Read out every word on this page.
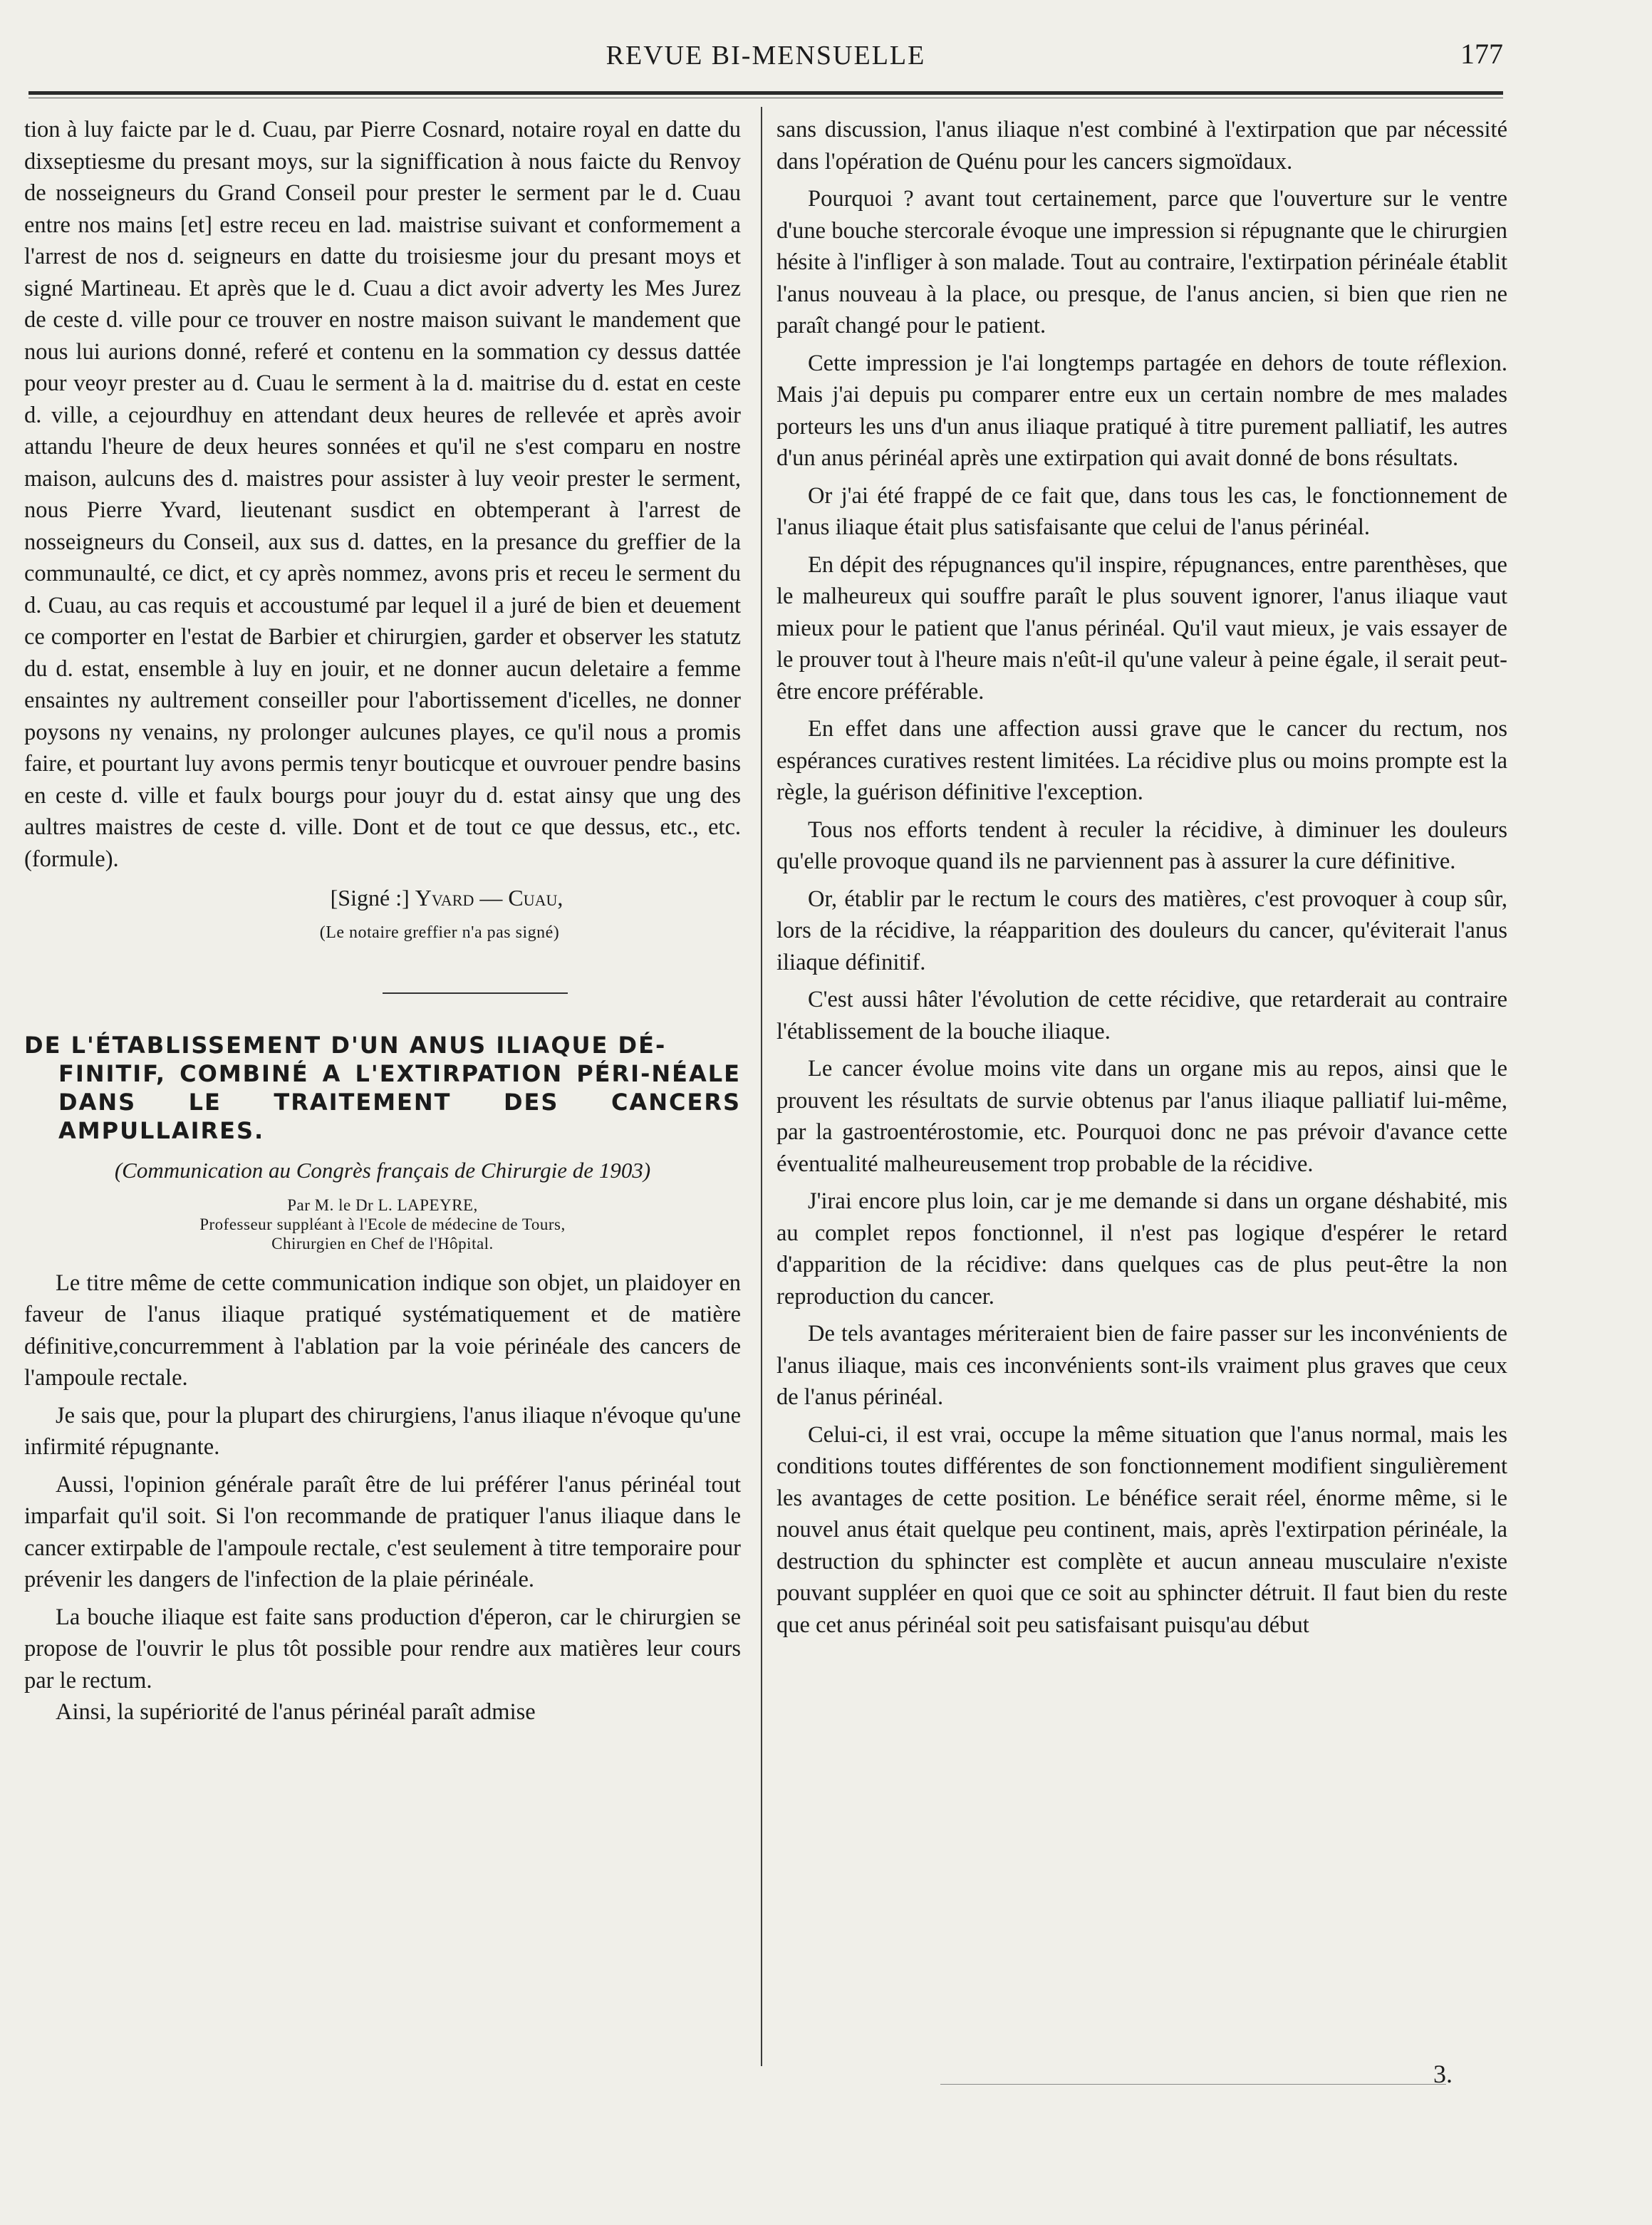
REVUE BI-MENSUELLE	177

tion à luy faicte par le d. Cuau, par Pierre Cosnard, notaire royal en datte du dixseptiesme du presant moys, sur la signiffication à nous faicte du Renvoy de nosseigneurs du Grand Conseil pour prester le serment par le d. Cuau entre nos mains [et] estre receu en lad. maistrise suivant et conformement a l'arrest de nos d. seigneurs en datte du troisiesme jour du presant moys et signé Martineau. Et après que le d. Cuau a dict avoir adverty les Mes Jurez de ceste d. ville pour ce trouver en nostre maison suivant le mandement que nous lui aurions donné, referé et contenu en la sommation cy dessus dattée pour veoyr prester au d. Cuau le serment à la d. maitrise du d. estat en ceste d. ville, a cejourdhuy en attendant deux heures de rellevée et après avoir attandu l'heure de deux heures sonnées et qu'il ne s'est comparu en nostre maison, aulcuns des d. maistres pour assister à luy veoir prester le serment, nous Pierre Yvard, lieutenant susdict en obtemperant à l'arrest de nosseigneurs du Conseil, aux sus d. dattes, en la presance du greffier de la communaulté, ce dict, et cy après nommez, avons pris et receu le serment du d. Cuau, au cas requis et accoustumé par lequel il a juré de bien et deuement ce comporter en l'estat de Barbier et chirurgien, garder et observer les statutz du d. estat, ensemble à luy en jouir, et ne donner aucun deletaire a femme ensaintes ny aultrement conseiller pour l'abortissement d'icelles, ne donner poysons ny venains, ny prolonger aulcunes playes, ce qu'il nous a promis faire, et pourtant luy avons permis tenyr bouticque et ouvrouer pendre basins en ceste d. ville et faulx bourgs pour jouyr du d. estat ainsy que ung des aultres maistres de ceste d. ville. Dont et de tout ce que dessus, etc., etc. (formule).

[Signé :] Yvard — Cuau,
(Le notaire greffier n'a pas signé)
DE L'ÉTABLISSEMENT D'UN ANUS ILIAQUE DÉ-
FINITIF, COMBINÉ A L'EXTIRPATION PÉRI-NÉALE DANS LE TRAITEMENT DES CANCERS AMPULLAIRES.
(Communication au Congrès français de Chirurgie de 1903)
Par M. le Dr L. LAPEYRE,
Professeur suppléant à l'Ecole de médecine de Tours,
Chirurgien en Chef de l'Hôpital.

Le titre même de cette communication indique son objet, un plaidoyer en faveur de l'anus iliaque pratiqué systématiquement et de matière définitive,concurremment à l'ablation par la voie périnéale des cancers de l'ampoule rectale.

Je sais que, pour la plupart des chirurgiens, l'anus iliaque n'évoque qu'une infirmité répugnante.

Aussi, l'opinion générale paraît être de lui préférer l'anus périnéal tout imparfait qu'il soit. Si l'on recommande de pratiquer l'anus iliaque dans le cancer extirpable de l'ampoule rectale, c'est seulement à titre temporaire pour prévenir les dangers de l'infection de la plaie périnéale.

La bouche iliaque est faite sans production d'éperon, car le chirurgien se propose de l'ouvrir le plus tôt possible pour rendre aux matières leur cours par le rectum.

Ainsi, la supériorité de l'anus périnéal paraît admise

sans discussion, l'anus iliaque n'est combiné à l'extirpation que par nécessité dans l'opération de Quénu pour les cancers sigmoïdaux.

Pourquoi ? avant tout certainement, parce que l'ouverture sur le ventre d'une bouche stercorale évoque une impression si répugnante que le chirurgien hésite à l'infliger à son malade. Tout au contraire, l'extirpation périnéale établit l'anus nouveau à la place, ou presque, de l'anus ancien, si bien que rien ne paraît changé pour le patient.

Cette impression je l'ai longtemps partagée en dehors de toute réflexion. Mais j'ai depuis pu comparer entre eux un certain nombre de mes malades porteurs les uns d'un anus iliaque pratiqué à titre purement palliatif, les autres d'un anus périnéal après une extirpation qui avait donné de bons résultats.

Or j'ai été frappé de ce fait que, dans tous les cas, le fonctionnement de l'anus iliaque était plus satisfaisante que celui de l'anus périnéal.

En dépit des répugnances qu'il inspire, répugnances, entre parenthèses, que le malheureux qui souffre paraît le plus souvent ignorer, l'anus iliaque vaut mieux pour le patient que l'anus périnéal. Qu'il vaut mieux, je vais essayer de le prouver tout à l'heure mais n'eût-il qu'une valeur à peine égale, il serait peut-être encore préférable.

En effet dans une affection aussi grave que le cancer du rectum, nos espérances curatives restent limitées. La récidive plus ou moins prompte est la règle, la guérison définitive l'exception.

Tous nos efforts tendent à reculer la récidive, à diminuer les douleurs qu'elle provoque quand ils ne parviennent pas à assurer la cure définitive.

Or, établir par le rectum le cours des matières, c'est provoquer à coup sûr, lors de la récidive, la réapparition des douleurs du cancer, qu'éviterait l'anus iliaque définitif.

C'est aussi hâter l'évolution de cette récidive, que retarderait au contraire l'établissement de la bouche iliaque.

Le cancer évolue moins vite dans un organe mis au repos, ainsi que le prouvent les résultats de survie obtenus par l'anus iliaque palliatif lui-même, par la gastroentérostomie, etc. Pourquoi donc ne pas prévoir d'avance cette éventualité malheureusement trop probable de la récidive.

J'irai encore plus loin, car je me demande si dans un organe déshabité, mis au complet repos fonctionnel, il n'est pas logique d'espérer le retard d'apparition de la récidive: dans quelques cas de plus peut-être la non reproduction du cancer.

De tels avantages mériteraient bien de faire passer sur les inconvénients de l'anus iliaque, mais ces inconvénients sont-ils vraiment plus graves que ceux de l'anus périnéal.

Celui-ci, il est vrai, occupe la même situation que l'anus normal, mais les conditions toutes différentes de son fonctionnement modifient singulièrement les avantages de cette position. Le bénéfice serait réel, énorme même, si le nouvel anus était quelque peu continent, mais, après l'extirpation périnéale, la destruction du sphincter est complète et aucun anneau musculaire n'existe pouvant suppléer en quoi que ce soit au sphincter détruit. Il faut bien du reste que cet anus périnéal soit peu satisfaisant puisqu'au début

3.
